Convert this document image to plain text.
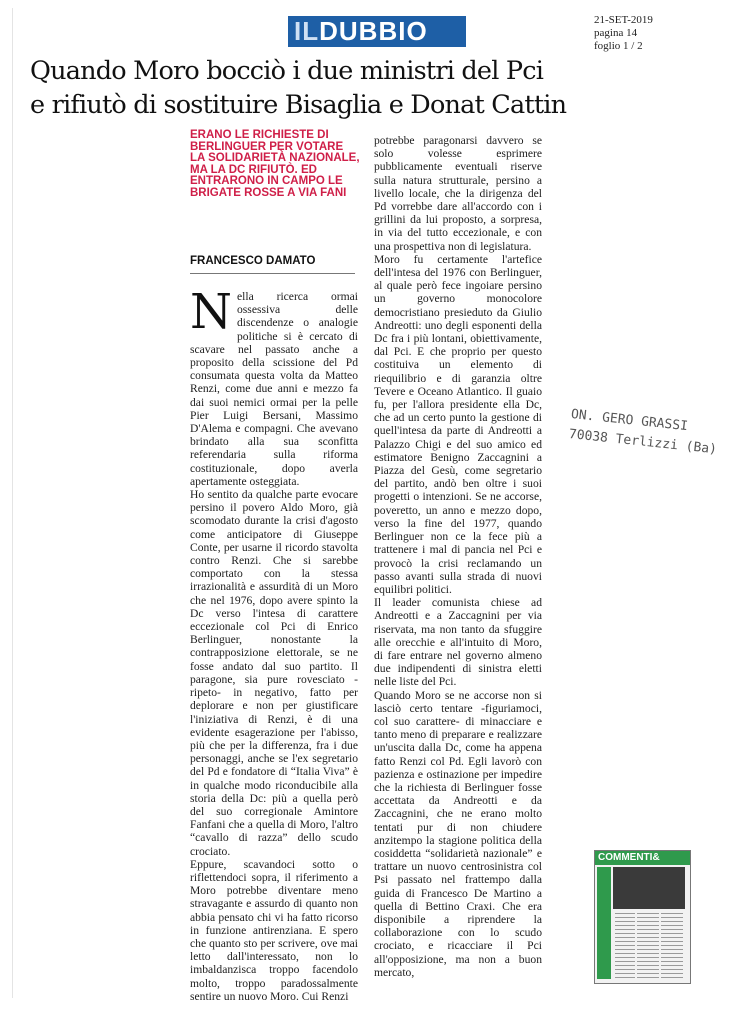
IL DUBBIO	21-SET-2019
pagina 14
foglio 1 / 2
Quando Moro bocciò i due ministri del Pci
e rifiutò di sostituire Bisaglia e Donat Cattin

ERANO LE RICHIESTE DI BERLINGUER PER VOTARE LA SOLIDARIETÀ NAZIONALE, MA LA DC RIFIUTÒ. ED ENTRARONO IN CAMPO LE BRIGATE ROSSE A VIA FANI

FRANCESCO DAMATO
N ella ricerca ormai ossessiva delle discendenze o analogie politiche si è cercato di scavare nel passato anche a proposito della scissione del Pd consumata questa volta da Matteo Renzi, come due anni e mezzo fa dai suoi nemici ormai per la pelle Pier Luigi Bersani, Massimo D'Alema e compagni. Che avevano brindato alla sua sconfitta referendaria sulla riforma costituzionale, dopo averla apertamente osteggiata.

Ho sentito da qualche parte evocare persino il povero Aldo Moro, già scomodato durante la crisi d'agosto come anticipatore di Giuseppe Conte, per usarne il ricordo stavolta contro Renzi. Che si sarebbe comportato con la stessa irrazionalità e assurdità di un Moro che nel 1976, dopo avere spinto la Dc verso l'intesa di carattere eccezionale col Pci di Enrico Berlinguer, nonostante la contrapposizione elettorale, se ne fosse andato dal suo partito. Il paragone, sia pure rovesciato -ripeto- in negativo, fatto per deplorare e non per giustificare l'iniziativa di Renzi, è di una evidente esagerazione per l'abisso, più che per la differenza, fra i due personaggi, anche se l'ex segretario del Pd e fondatore di “Italia Viva” è in qualche modo riconducibile alla storia della Dc: più a quella però del suo corregionale Amintore Fanfani che a quella di Moro, l'altro “cavallo di razza” dello scudo crociato.

Eppure, scavandoci sotto o riflettendoci sopra, il riferimento a Moro potrebbe diventare meno stravagante e assurdo di quanto non abbia pensato chi vi ha fatto ricorso in funzione antirenziana. E spero che quanto sto per scrivere, ove mai letto dall'interessato, non lo imbaldanzisca troppo facendolo molto, troppo paradossalmente sentire un nuovo Moro. Cui Renzi

potrebbe paragonarsi davvero se solo volesse esprimere pubblicamente eventuali riserve sulla natura strutturale, persino a livello locale, che la dirigenza del Pd vorrebbe dare all'accordo con i grillini da lui proposto, a sorpresa, in via del tutto eccezionale, e con una prospettiva non di legislatura.

Moro fu certamente l'artefice dell'intesa del 1976 con Berlinguer, al quale però fece ingoiare persino un governo monocolore democristiano presieduto da Giulio Andreotti: uno degli esponenti della Dc fra i più lontani, obiettivamente, dal Pci. E che proprio per questo costituiva un elemento di riequilibrio e di garanzia oltre Tevere e Oceano Atlantico. Il guaio fu, per l'allora presidente ella Dc, che ad un certo punto la gestione di quell'intesa da parte di Andreotti a Palazzo Chigi e del suo amico ed estimatore Benigno Zaccagnini a Piazza del Gesù, come segretario del partito, andò ben oltre i suoi progetti o intenzioni. Se ne accorse, poveretto, un anno e mezzo dopo, verso la fine del 1977, quando Berlinguer non ce la fece più a trattenere i mal di pancia nel Pci e provocò la crisi reclamando un passo avanti sulla strada di nuovi equilibri politici.

Il leader comunista chiese ad Andreotti e a Zaccagnini per via riservata, ma non tanto da sfuggire alle orecchie e all'intuito di Moro, di fare entrare nel governo almeno due indipendenti di sinistra eletti nelle liste del Pci.

Quando Moro se ne accorse non si lasciò certo tentare -figuriamoci, col suo carattere- di minacciare e tanto meno di preparare e realizzare un'uscita dalla Dc, come ha appena fatto Renzi col Pd. Egli lavorò con pazienza e ostinazione per impedire che la richiesta di Berlinguer fosse accettata da Andreotti e da Zaccagnini, che ne erano molto tentati pur di non chiudere anzitempo la stagione politica della cosiddetta “solidarietà nazionale” e trattare un nuovo centrosinistra col Psi passato nel frattempo dalla guida di Francesco De Martino a quella di Bettino Craxi. Che era disponibile a riprendere la collaborazione con lo scudo crociato, e ricacciare il Pci all'opposizione, ma non a buon mercato,

ON. GERO GRASSI
70038 Terlizzi (Ba)
COMMENTI&
